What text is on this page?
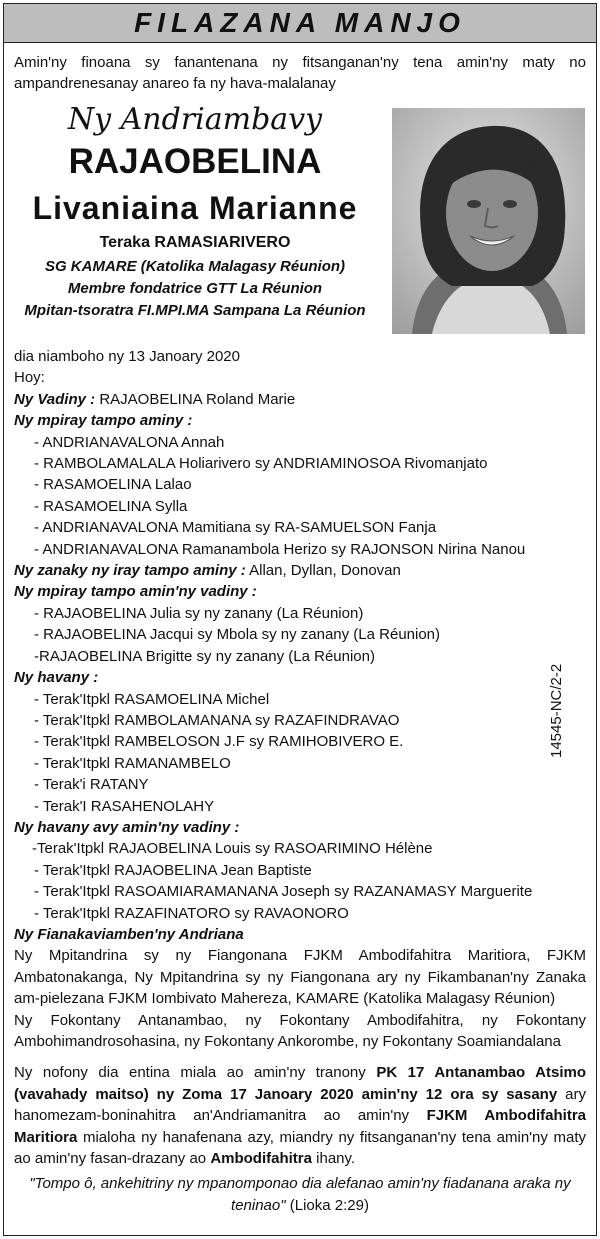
FILAZANA MANJO
Amin'ny finoana sy fanantenana ny fitsanganan'ny tena amin'ny maty no ampandrenesanay anareo fa ny hava-malalanay
Ny Andriambavy
RAJAOBELINA
Livaniaina Marianne
Teraka RAMASIARIVERO
SG KAMARE (Katolika Malagasy Réunion)
Membre fondatrice GTT La Réunion
Mpitan-tsoratra FI.MPI.MA Sampana La Réunion

dia niamboho ny 13 Janoary 2020

Hoy:

Ny Vadiny : RAJAOBELINA Roland Marie

Ny mpiray tampo aminy :

- ANDRIANAVALONA Annah

- RAMBOLAMALALA Holiarivero sy ANDRIAMINOSOA Rivomanjato

- RASAMOELINA Lalao

- RASAMOELINA Sylla

- ANDRIANAVALONA Mamitiana sy RA-SAMUELSON Fanja

- ANDRIANAVALONA Ramanambola Herizo sy RAJONSON Nirina Nanou

Ny zanaky ny iray tampo aminy : Allan, Dyllan, Donovan

Ny mpiray tampo amin'ny vadiny :

- RAJAOBELINA Julia sy ny zanany (La Réunion)

- RAJAOBELINA Jacqui sy Mbola sy ny zanany (La Réunion)

-RAJAOBELINA Brigitte sy ny zanany (La Réunion)

Ny havany :

- Terak'Itpkl RASAMOELINA Michel

- Terak'Itpkl RAMBOLAMANANA sy RAZAFINDRAVAO

- Terak'Itpkl RAMBELOSON J.F sy RAMIHOBIVERO E.

- Terak'Itpkl RAMANAMBELO

- Terak'i RATANY

- Terak'I RASAHENOLAHY

Ny havany avy amin'ny vadiny :

-Terak'Itpkl RAJAOBELINA Louis sy RASOARIMINO Hélène

- Terak'Itpkl RAJAOBELINA Jean Baptiste

- Terak'Itpkl RASOAMIARAMANANA Joseph sy RAZANAMASY Marguerite

- Terak'Itpkl RAZAFINATORO sy RAVAONORO

Ny Fianakaviamben'ny Andriana

Ny Mpitandrina sy ny Fiangonana FJKM Ambodifahitra Maritiora, FJKM Ambatonakanga, Ny Mpitandrina sy ny Fiangonana ary ny Fikambanan'ny Zanaka am-pielezana FJKM Iombivato Mahereza, KAMARE (Katolika Malagasy Réunion)

Ny Fokontany Antanambao, ny Fokontany Ambodifahitra, ny Fokontany Ambohimandrosohasina, ny Fokontany Ankorombe, ny Fokontany Soamiandalana

Ny nofony dia entina miala ao amin'ny tranony PK 17 Antanambao Atsimo (vavahady maitso) ny Zoma 17 Janoary 2020 amin'ny 12 ora sy sasany ary hanomezam-boninahitra an'Andriamanitra ao amin'ny FJKM Ambodifahitra Maritiora mialoha ny hanafenana azy, miandry ny fitsanganan'ny tena amin'ny maty ao amin'ny fasan-drazany ao Ambodifahitra ihany.

"Tompo ô, ankehitriny ny mpanomponao dia alefanao amin'ny fiadanana araka ny teninao" (Lioka 2:29)

14545-NC/2-2
